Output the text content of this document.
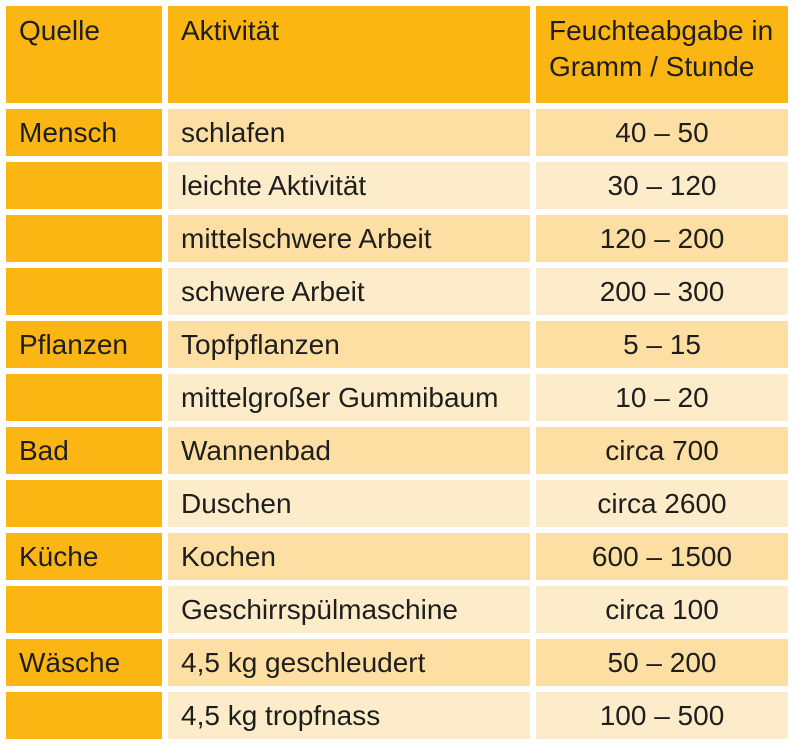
Quelle	Aktivität	Feuchteabgabe in Gramm / Stunde
Mensch	schlafen	40 – 50
	leichte Aktivität	30 – 120
	mittelschwere Arbeit	120 – 200
	schwere Arbeit	200 – 300
Pflanzen	Topfpflanzen	5 – 15
	mittelgroßer Gummibaum	10 – 20
Bad	Wannenbad	circa 700
	Duschen	circa 2600
Küche	Kochen	600 – 1500
	Geschirrspülmaschine	circa 100
Wäsche	4,5 kg geschleudert	50 – 200
	4,5 kg tropfnass	100 – 500
